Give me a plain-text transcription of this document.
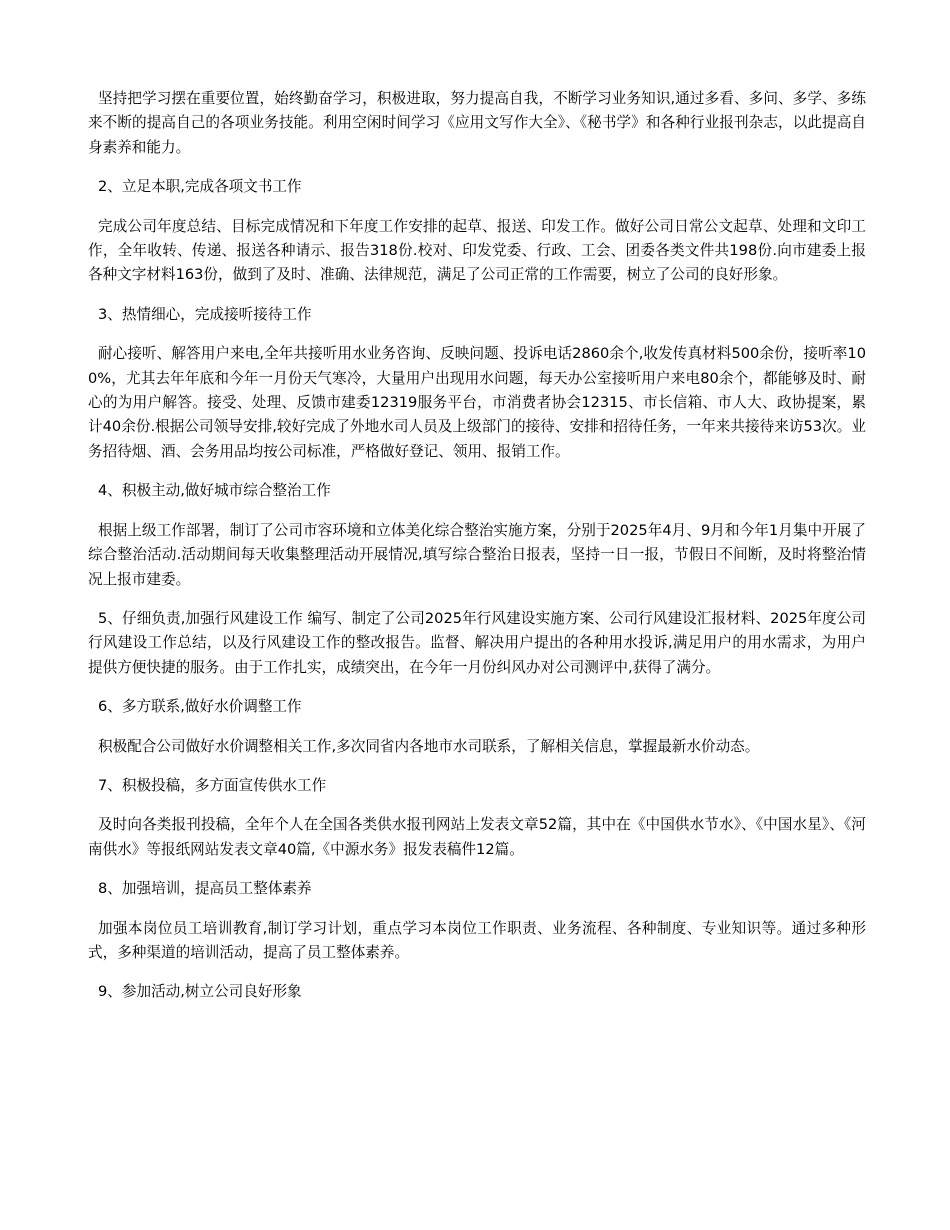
坚持把学习摆在重要位置，始终勤奋学习，积极进取，努力提高自我，不断学习业务知识,通过多看、多问、多学、多练来不断的提高自己的各项业务技能。利用空闲时间学习《应用文写作大全》、《秘书学》和各种行业报刊杂志，以此提高自身素养和能力。

2、立足本职,完成各项文书工作

完成公司年度总结、目标完成情况和下年度工作安排的起草、报送、印发工作。做好公司日常公文起草、处理和文印工作，全年收转、传递、报送各种请示、报告318份.校对、印发党委、行政、工会、团委各类文件共198份.向市建委上报各种文字材料163份，做到了及时、准确、法律规范，满足了公司正常的工作需要，树立了公司的良好形象。

3、热情细心，完成接听接待工作

耐心接听、解答用户来电,全年共接听用水业务咨询、反映问题、投诉电话2860余个,收发传真材料500余份，接听率100%，尤其去年年底和今年一月份天气寒冷，大量用户出现用水问题，每天办公室接听用户来电80余个，都能够及时、耐心的为用户解答。接受、处理、反馈市建委12319服务平台，市消费者协会12315、市长信箱、市人大、政协提案，累计40余份.根据公司领导安排,较好完成了外地水司人员及上级部门的接待、安排和招待任务，一年来共接待来访53次。业务招待烟、酒、会务用品均按公司标准，严格做好登记、领用、报销工作。

4、积极主动,做好城市综合整治工作

根据上级工作部署，制订了公司市容环境和立体美化综合整治实施方案，分别于2025年4月、9月和今年1月集中开展了综合整治活动.活动期间每天收集整理活动开展情况,填写综合整治日报表，坚持一日一报，节假日不间断，及时将整治情况上报市建委。

5、仔细负责,加强行风建设工作 编写、制定了公司2025年行风建设实施方案、公司行风建设汇报材料、2025年度公司行风建设工作总结，以及行风建设工作的整改报告。监督、解决用户提出的各种用水投诉,满足用户的用水需求，为用户提供方便快捷的服务。由于工作扎实，成绩突出，在今年一月份纠风办对公司测评中,获得了满分。

6、多方联系,做好水价调整工作

积极配合公司做好水价调整相关工作,多次同省内各地市水司联系，了解相关信息，掌握最新水价动态。

7、积极投稿，多方面宣传供水工作

及时向各类报刊投稿，全年个人在全国各类供水报刊网站上发表文章52篇，其中在《中国供水节水》、《中国水星》、《河南供水》等报纸网站发表文章40篇,《中源水务》报发表稿件12篇。

8、加强培训，提高员工整体素养

加强本岗位员工培训教育,制订学习计划，重点学习本岗位工作职责、业务流程、各种制度、专业知识等。通过多种形式，多种渠道的培训活动，提高了员工整体素养。

9、参加活动,树立公司良好形象
